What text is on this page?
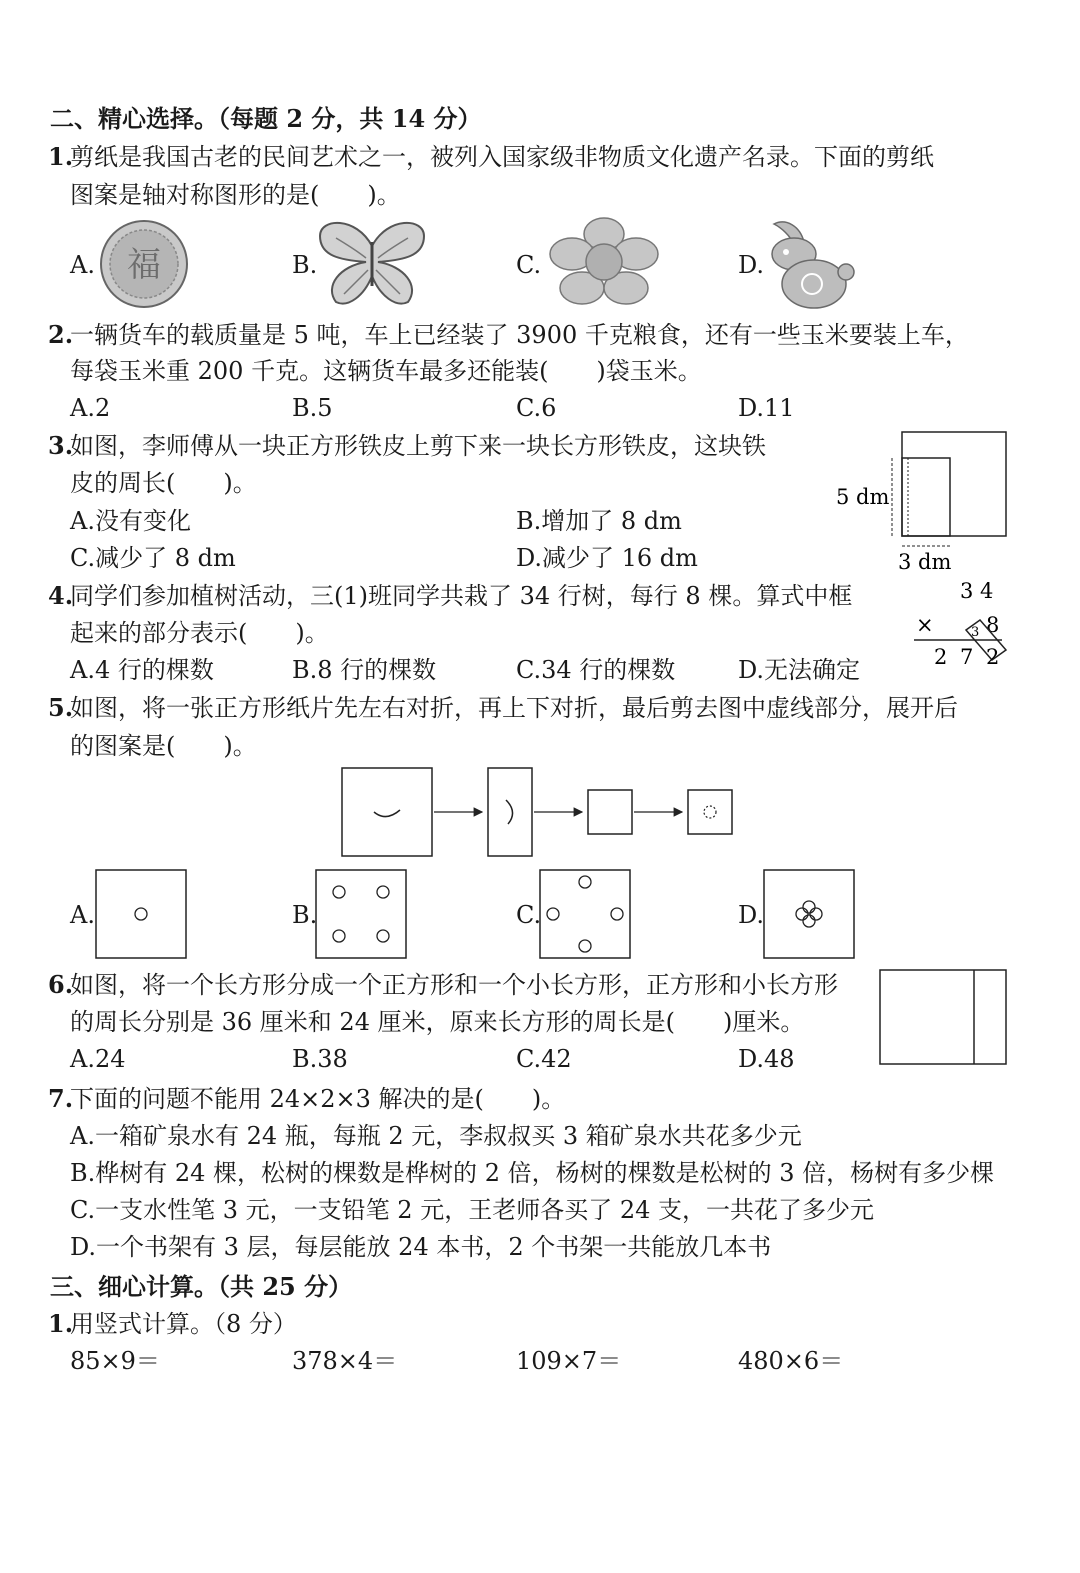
二、精心选择。（每题 2 分，共 14 分）
1.
剪纸是我国古老的民间艺术之一，被列入国家级非物质文化遗产名录。下面的剪纸
图案是轴对称图形的是(　　)。
A.	B.	C.	D.
福
2.
一辆货车的载质量是 5 吨，车上已经装了 3900 千克粮食，还有一些玉米要装上车，
每袋玉米重 200 千克。这辆货车最多还能装(　　)袋玉米。
A.2	B.5	C.6	D.11
3.
如图，李师傅从一块正方形铁皮上剪下来一块长方形铁皮，这块铁
皮的周长(　　)。
A.没有变化	B.增加了 8 dm
C.减少了 8 dm	D.减少了 16 dm
5 dm
3 dm
4.
同学们参加植树活动，三(1)班同学共栽了 34 行树，每行 8 棵。算式中框
起来的部分表示(　　)。
A.4 行的棵数	B.8 行的棵数	C.34 行的棵数	D.无法确定
3 4
× 8
3
2 7 2
5.
如图，将一张正方形纸片先左右对折，再上下对折，最后剪去图中虚线部分，展开后
的图案是(　　)。
A.	B.	C.	D.
6.
如图，将一个长方形分成一个正方形和一个小长方形，正方形和小长方形
的周长分别是 36 厘米和 24 厘米，原来长方形的周长是(　　)厘米。
A.24	B.38	C.42	D.48
7.
下面的问题不能用 24×2×3 解决的是(　　)。
A.一箱矿泉水有 24 瓶，每瓶 2 元，李叔叔买 3 箱矿泉水共花多少元
B.桦树有 24 棵，松树的棵数是桦树的 2 倍，杨树的棵数是松树的 3 倍，杨树有多少棵
C.一支水性笔 3 元，一支铅笔 2 元，王老师各买了 24 支，一共花了多少元
D.一个书架有 3 层，每层能放 24 本书，2 个书架一共能放几本书
三、细心计算。（共 25 分）
1.
用竖式计算。（8 分）
85×9＝	378×4＝	109×7＝	480×6＝
